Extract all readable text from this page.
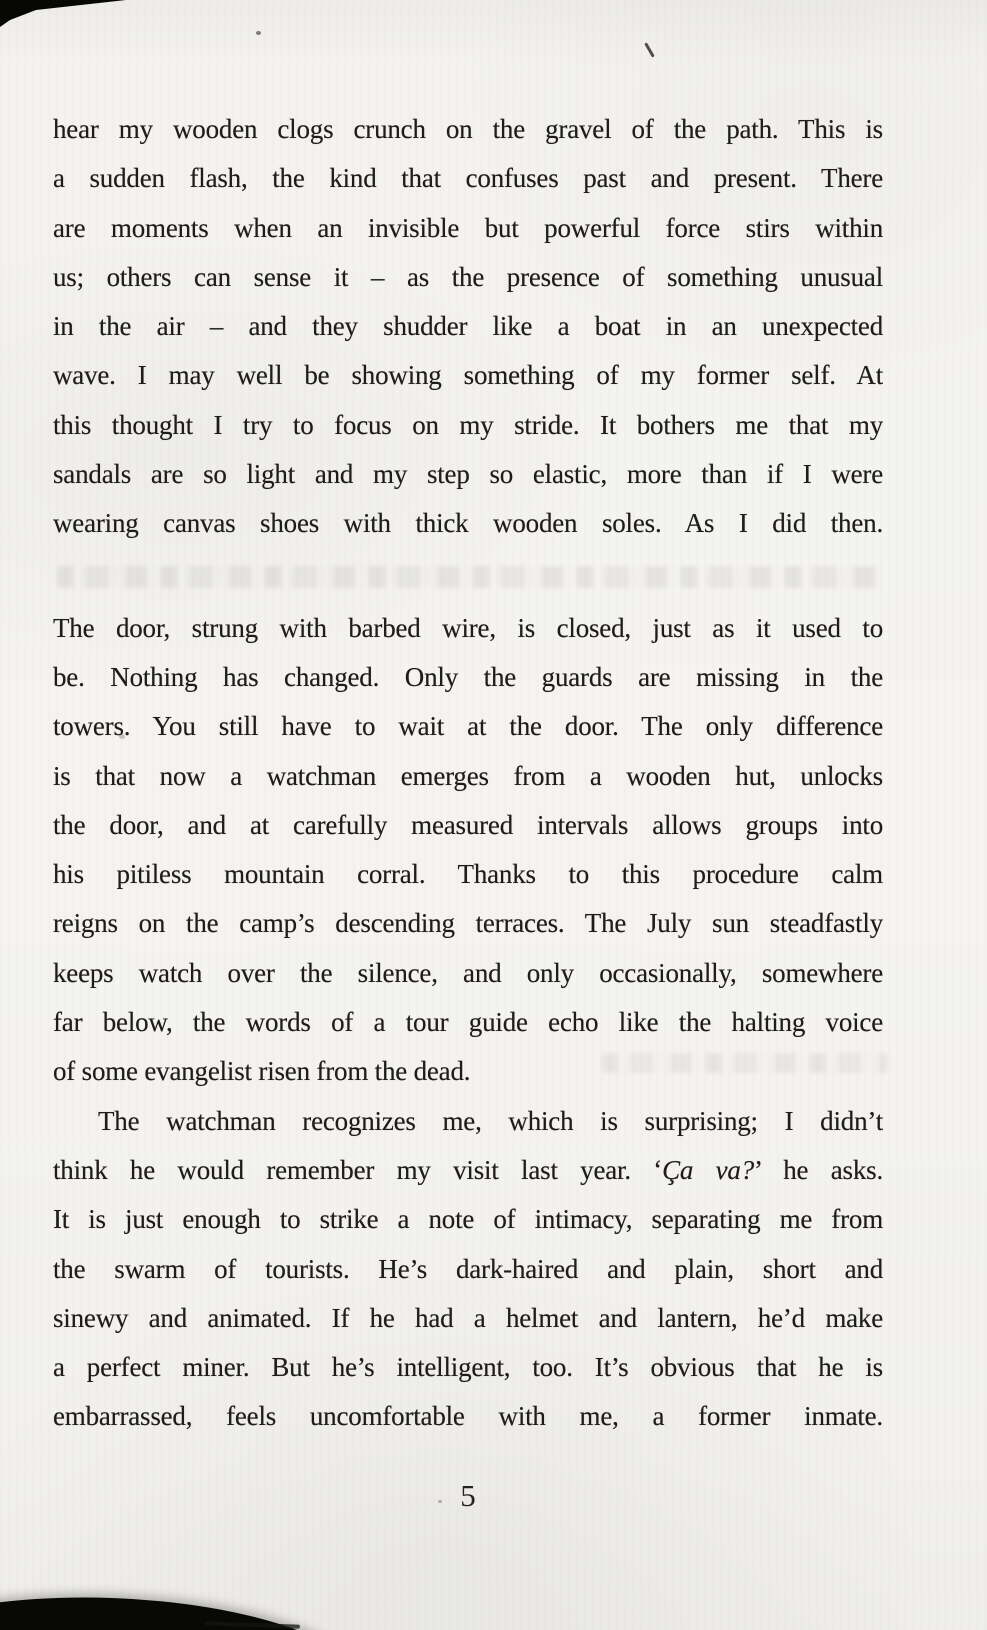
hear my wooden clogs crunch on the gravel of the path. This is
a sudden flash, the kind that confuses past and present. There
are moments when an invisible but powerful force stirs within
us; others can sense it – as the presence of something unusual
in the air – and they shudder like a boat in an unexpected
wave. I may well be showing something of my former self. At
this thought I try to focus on my stride. It bothers me that my
sandals are so light and my step so elastic, more than if I were
wearing canvas shoes with thick wooden soles. As I did then.
The door, strung with barbed wire, is closed, just as it used to
be. Nothing has changed. Only the guards are missing in the
towers. You still have to wait at the door. The only difference
is that now a watchman emerges from a wooden hut, unlocks
the door, and at carefully measured intervals allows groups into
his pitiless mountain corral. Thanks to this procedure calm
reigns on the camp’s descending terraces. The July sun steadfastly
keeps watch over the silence, and only occasionally, somewhere
far below, the words of a tour guide echo like the halting voice
of some evangelist risen from the dead.
The watchman recognizes me, which is surprising; I didn’t
think he would remember my visit last year. ‘Ça va?’ he asks.
It is just enough to strike a note of intimacy, separating me from
the swarm of tourists. He’s dark-haired and plain, short and
sinewy and animated. If he had a helmet and lantern, he’d make
a perfect miner. But he’s intelligent, too. It’s obvious that he is
embarrassed, feels uncomfortable with me, a former inmate.
5
